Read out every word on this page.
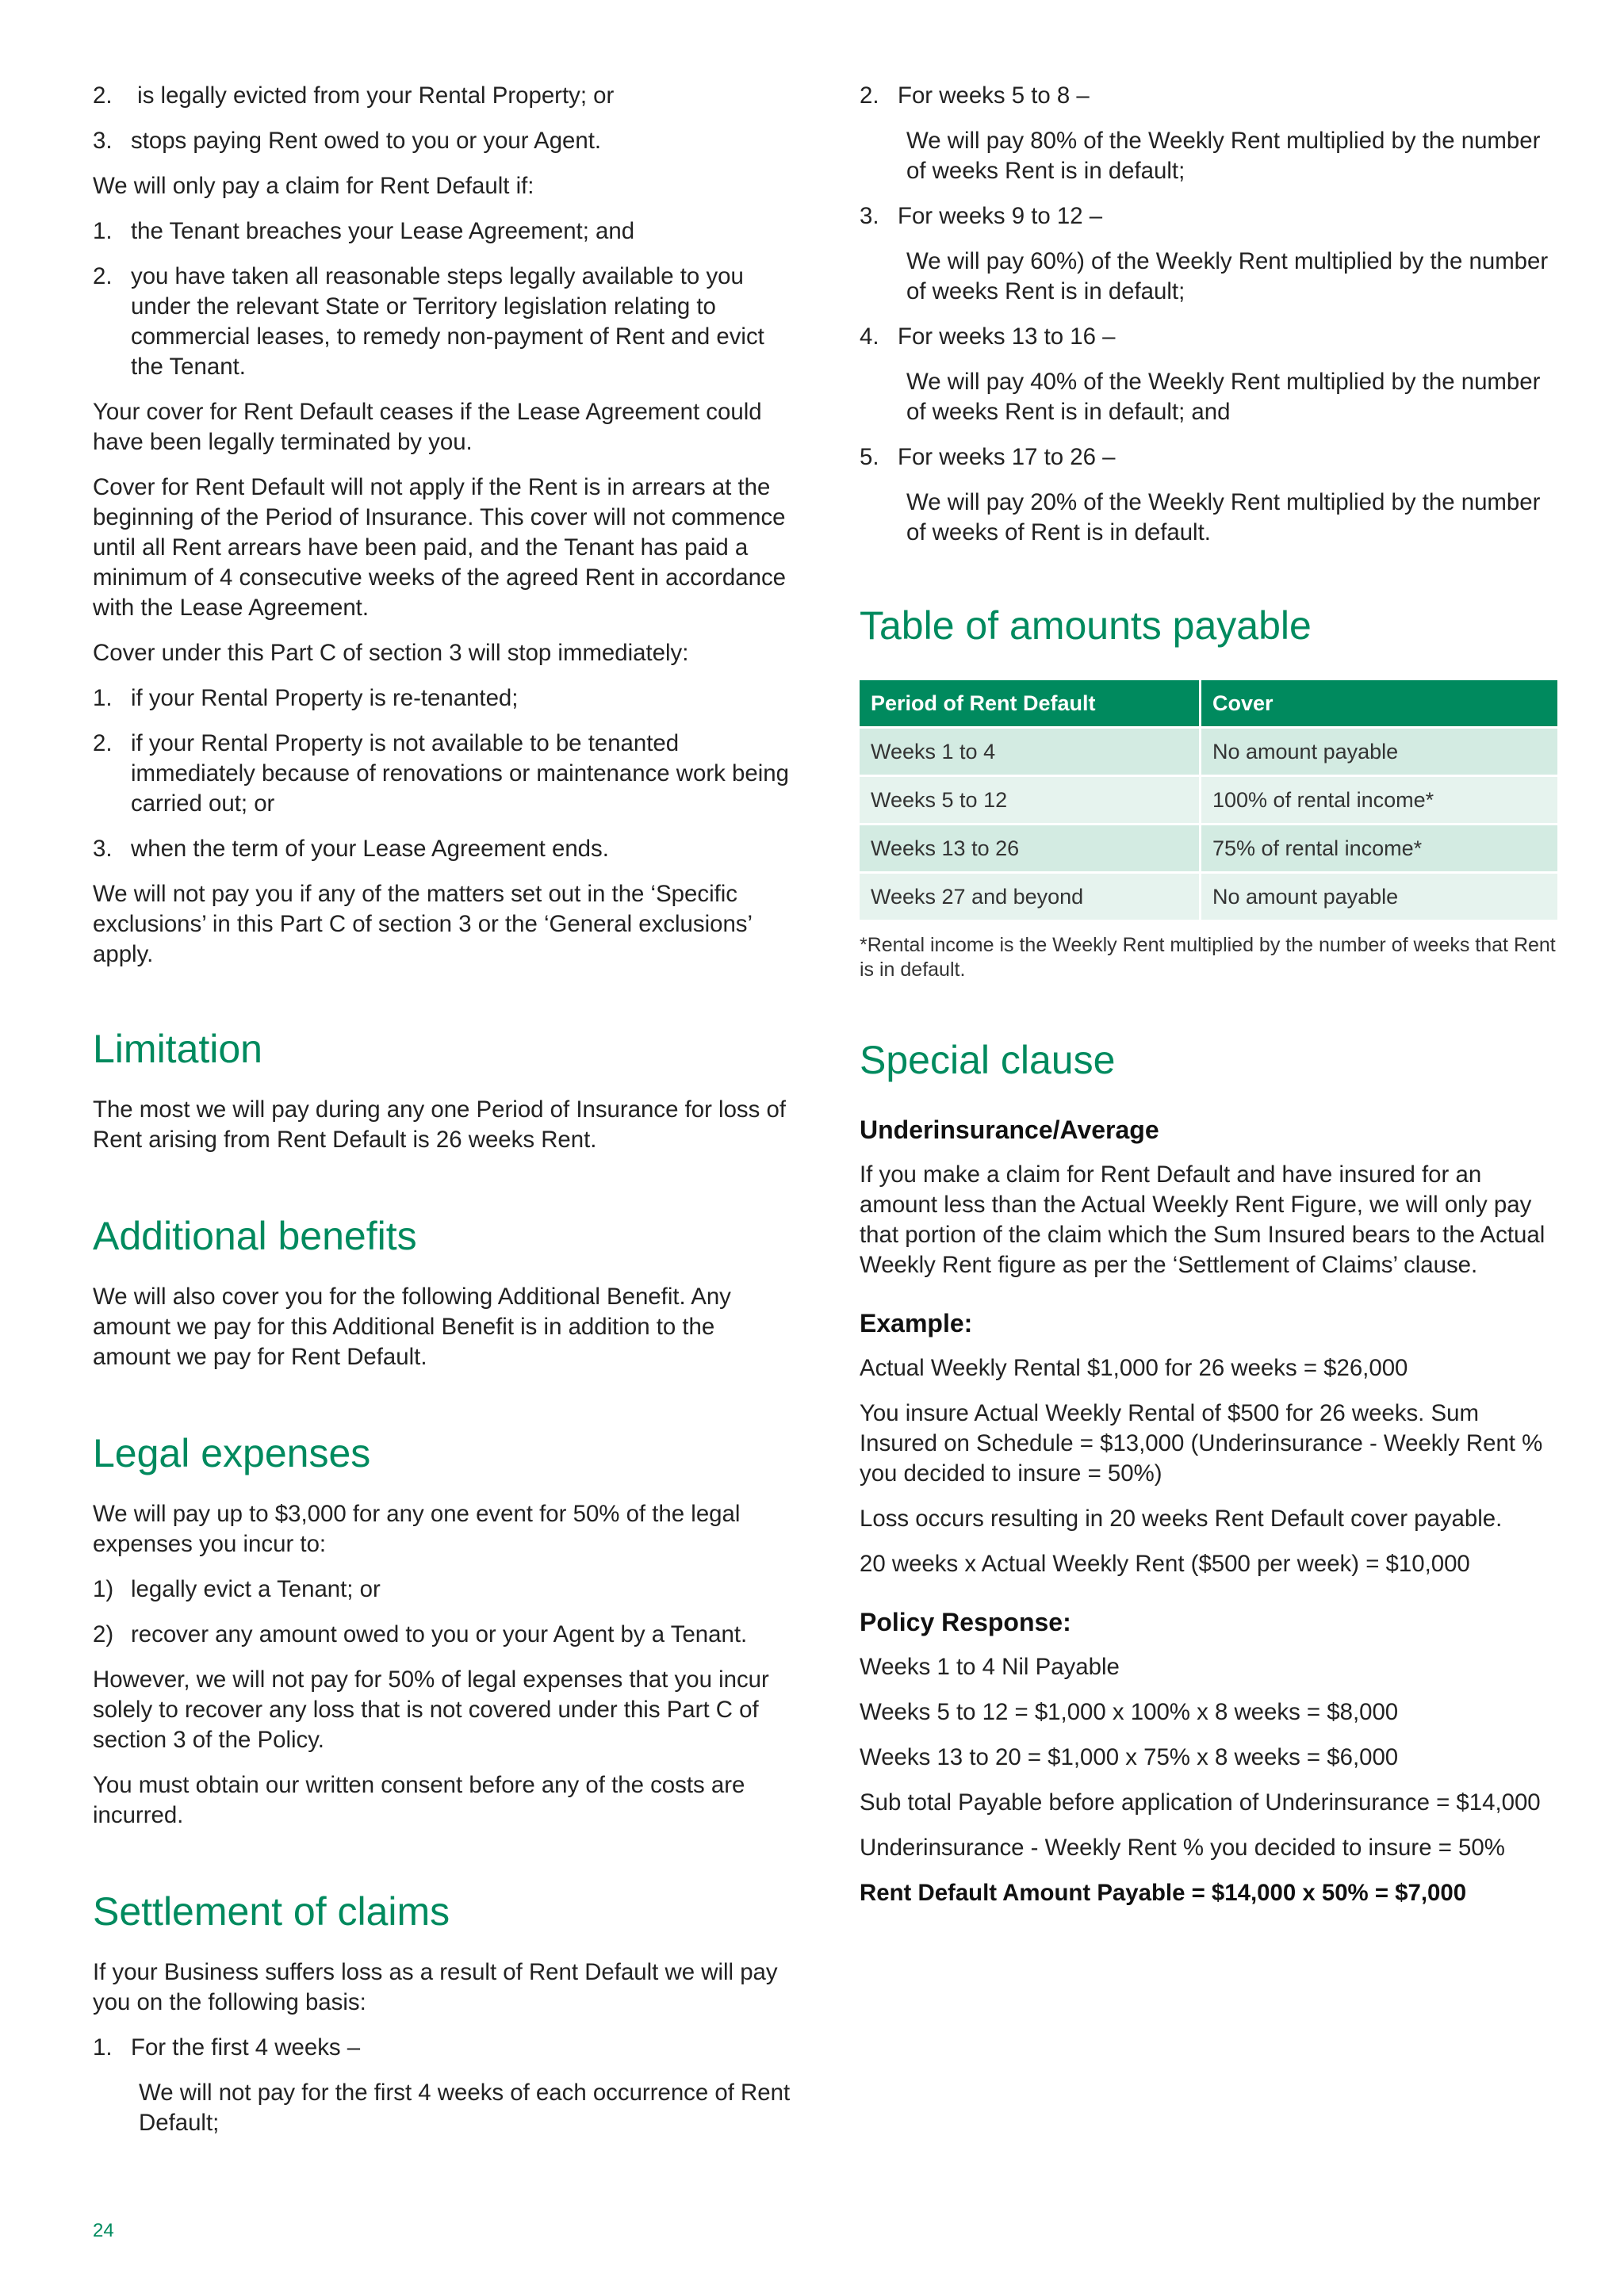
2. is legally evicted from your Rental Property; or
3. stops paying Rent owed to you or your Agent.

We will only pay a claim for Rent Default if:

1. the Tenant breaches your Lease Agreement; and
2. you have taken all reasonable steps legally available to you under the relevant State or Territory legislation relating to commercial leases, to remedy non-payment of Rent and evict the Tenant.

Your cover for Rent Default ceases if the Lease Agreement could have been legally terminated by you.

Cover for Rent Default will not apply if the Rent is in arrears at the beginning of the Period of Insurance. This cover will not commence until all Rent arrears have been paid, and the Tenant has paid a minimum of 4 consecutive weeks of the agreed Rent in accordance with the Lease Agreement.

Cover under this Part C of section 3 will stop immediately:

1. if your Rental Property is re-tenanted;
2. if your Rental Property is not available to be tenanted immediately because of renovations or maintenance work being carried out; or
3. when the term of your Lease Agreement ends.

We will not pay you if any of the matters set out in the ‘Specific exclusions’ in this Part C of section 3 or the ‘General exclusions’ apply.

Limitation

The most we will pay during any one Period of Insurance for loss of Rent arising from Rent Default is 26 weeks Rent.

Additional benefits

We will also cover you for the following Additional Benefit. Any amount we pay for this Additional Benefit is in addition to the amount we pay for Rent Default.

Legal expenses

We will pay up to $3,000 for any one event for 50% of the legal expenses you incur to:

1) legally evict a Tenant; or
2) recover any amount owed to you or your Agent by a Tenant.

However, we will not pay for 50% of legal expenses that you incur solely to recover any loss that is not covered under this Part C of section 3 of the Policy.

You must obtain our written consent before any of the costs are incurred.

Settlement of claims

If your Business suffers loss as a result of Rent Default we will pay you on the following basis:

1. For the first 4 weeks –

We will not pay for the first 4 weeks of each occurrence of Rent Default;

24
2. For weeks 5 to 8 –

We will pay 80% of the Weekly Rent multiplied by the number of weeks Rent is in default;

3. For weeks 9 to 12 –

We will pay 60%) of the Weekly Rent multiplied by the number of weeks Rent is in default;

4. For weeks 13 to 16 –

We will pay 40% of the Weekly Rent multiplied by the number of weeks Rent is in default; and

5. For weeks 17 to 26 –

We will pay 20% of the Weekly Rent multiplied by the number of weeks of Rent is in default.

Table of amounts payable
Period of Rent Default	Cover
Weeks 1 to 4	No amount payable
Weeks 5 to 12	100% of rental income*
Weeks 13 to 26	75% of rental income*
Weeks 27 and beyond	No amount payable

*Rental income is the Weekly Rent multiplied by the number of weeks that Rent is in default.

Special clause
Underinsurance/Average

If you make a claim for Rent Default and have insured for an amount less than the Actual Weekly Rent Figure, we will only pay that portion of the claim which the Sum Insured bears to the Actual Weekly Rent figure as per the ‘Settlement of Claims’ clause.

Example:

Actual Weekly Rental $1,000 for 26 weeks = $26,000

You insure Actual Weekly Rental of $500 for 26 weeks. Sum Insured on Schedule = $13,000 (Underinsurance - Weekly Rent % you decided to insure = 50%)

Loss occurs resulting in 20 weeks Rent Default cover payable.

20 weeks x Actual Weekly Rent ($500 per week) = $10,000

Policy Response:

Weeks 1 to 4 Nil Payable

Weeks 5 to 12 = $1,000 x 100% x 8 weeks = $8,000

Weeks 13 to 20 = $1,000 x 75% x 8 weeks = $6,000

Sub total Payable before application of Underinsurance = $14,000

Underinsurance - Weekly Rent % you decided to insure = 50%

Rent Default Amount Payable = $14,000 x 50% = $7,000
